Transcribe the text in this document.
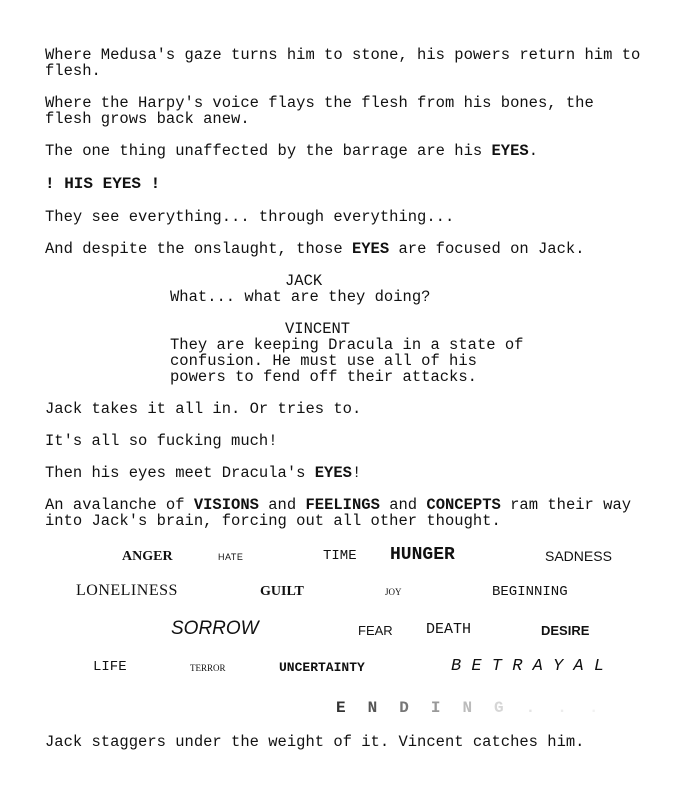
Where Medusa's gaze turns him to stone, his powers return him to flesh.

Where the Harpy's voice flays the flesh from his bones, the flesh grows back anew.

The one thing unaffected by the barrage are his EYES.

! HIS EYES !

They see everything... through everything...

And despite the onslaught, those EYES are focused on Jack.

JACK

What... what are they doing?

VINCENT

They are keeping Dracula in a state of confusion. He must use all of his powers to fend off their attacks.

Jack takes it all in. Or tries to.

It's all so fucking much!

Then his eyes meet Dracula's EYES!

An avalanche of VISIONS and FEELINGS and CONCEPTS ram their way into Jack's brain, forcing out all other thought.

ANGER	HATE	TIME HUNGER	SADNESS
LONELINESS	GUILT	JOY	BEGINNING
SORROW	FEAR DEATH	DESIRE
LIFE	TERROR	UNCERTAINTY	B E T R A Y A L
E N D I N G . . .

Jack staggers under the weight of it. Vincent catches him.
